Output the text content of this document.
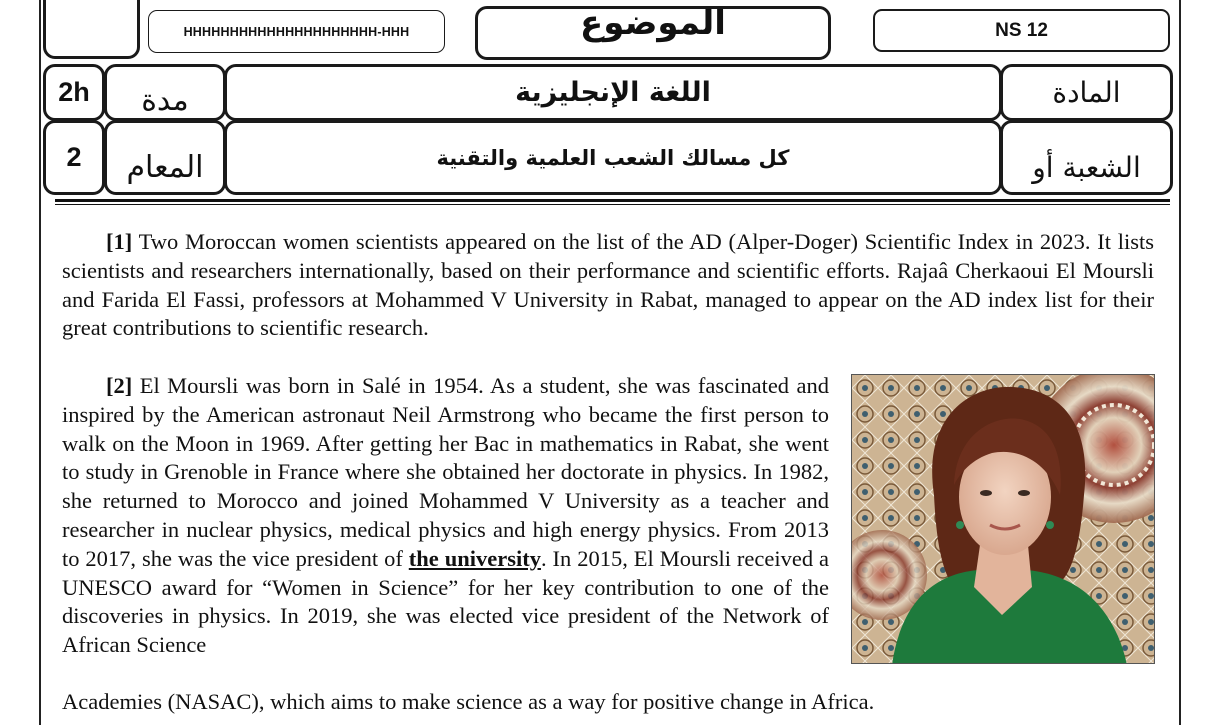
HHHHHHHHHHHHHHHHHHHHH-HHH	الموضوع	NS 12
2h مدة	اللغة الإنجليزية	المادة
2 المعام	كل مسالك الشعب العلمية والتقنية	الشعبة أو

[1] Two Moroccan women scientists appeared on the list of the AD (Alper-Doger) Scientific Index in 2023. It lists scientists and researchers internationally, based on their performance and scientific efforts. Rajaâ Cherkaoui El Moursli and Farida El Fassi, professors at Mohammed V University in Rabat, managed to appear on the AD index list for their great contributions to scientific research.

[2] El Moursli was born in Salé in 1954. As a student, she was fascinated and inspired by the American astronaut Neil Armstrong who became the first person to walk on the Moon in 1969. After getting her Bac in mathematics in Rabat, she went to study in Grenoble in France where she obtained her doctorate in physics. In 1982, she returned to Morocco and joined Mohammed V University as a teacher and researcher in nuclear physics, medical physics and high energy physics. From 2013 to 2017, she was the vice president of the university. In 2015, El Moursli received a UNESCO award for “Women in Science” for her key contribution to one of the discoveries in physics. In 2019, she was elected vice president of the Network of African Science

Academies (NASAC), which aims to make science as a way for positive change in Africa.
